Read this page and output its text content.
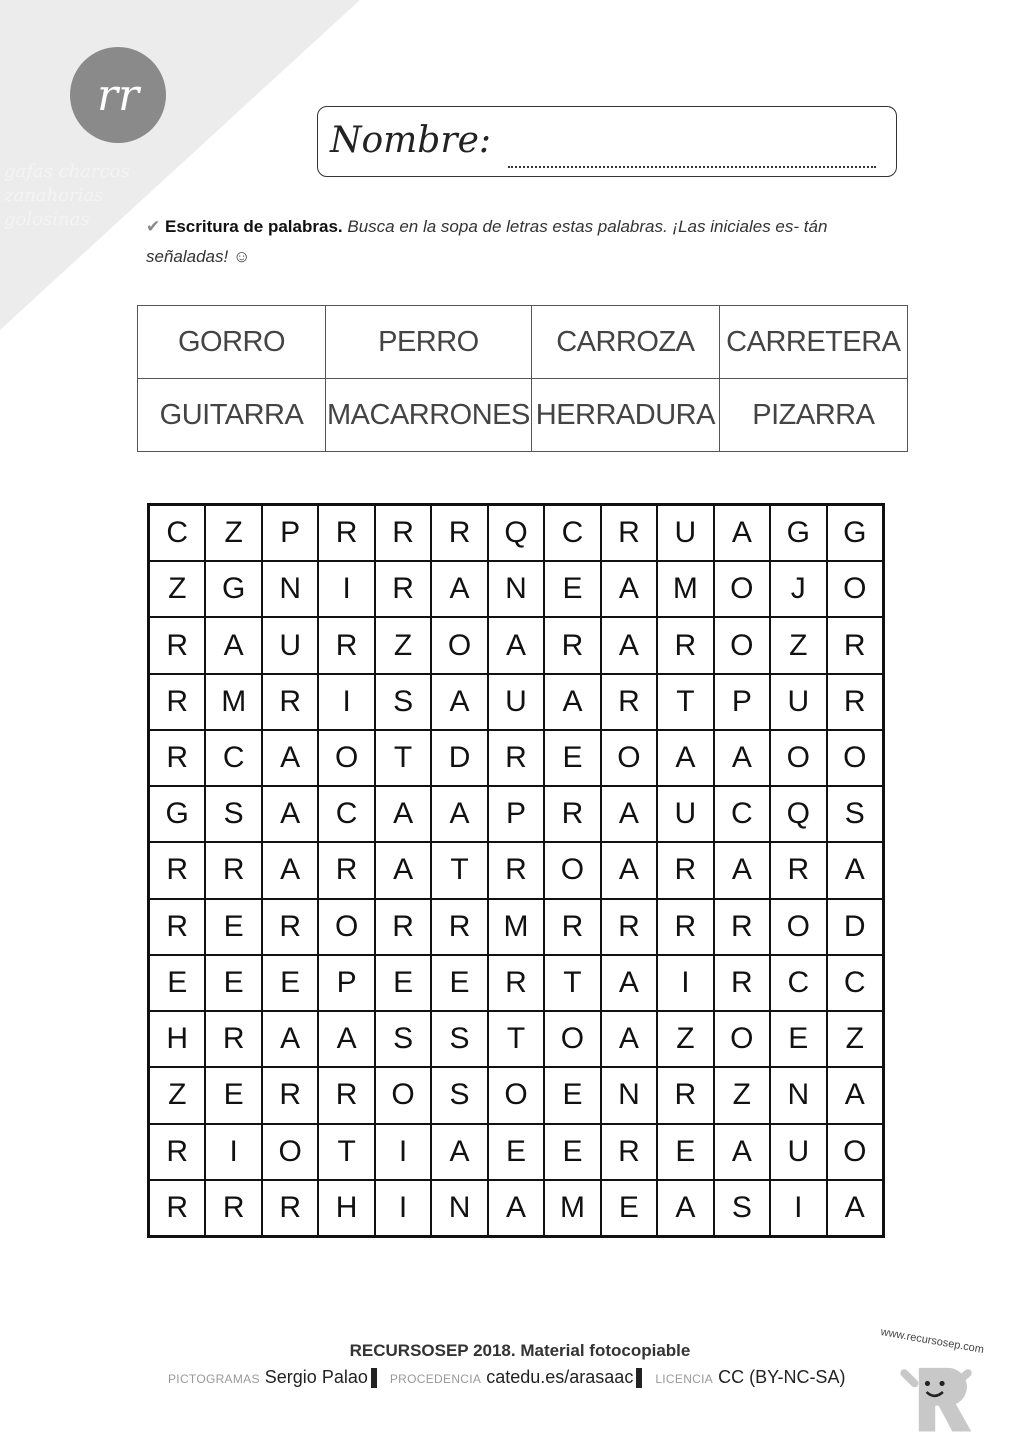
gafas charcos zanahorias golosinas
rr
Nombre:
✔ Escritura de palabras. Busca en la sopa de letras estas palabras. ¡Las iniciales es- tán señaladas! ☺
GORRO	PERRO	CARROZA	CARRETERA
GUITARRA	MACARRONES	HERRADURA	PIZARRA
C	Z	P	R	R	R	Q	C	R	U	A	G	G
Z	G	N	I	R	A	N	E	A	M	O	J	O
R	A	U	R	Z	O	A	R	A	R	O	Z	R
R	M	R	I	S	A	U	A	R	T	P	U	R
R	C	A	O	T	D	R	E	O	A	A	O	O
G	S	A	C	A	A	P	R	A	U	C	Q	S
R	R	A	R	A	T	R	O	A	R	A	R	A
R	E	R	O	R	R	M	R	R	R	R	O	D
E	E	E	P	E	E	R	T	A	I	R	C	C
H	R	A	A	S	S	T	O	A	Z	O	E	Z
Z	E	R	R	O	S	O	E	N	R	Z	N	A
R	I	O	T	I	A	E	E	R	E	A	U	O
R	R	R	H	I	N	A	M	E	A	S	I	A
RECURSOSEP 2018. Material fotocopiable
PICTOGRAMAS Sergio Palao PROCEDENCIA catedu.es/arasaac LICENCIA CC (BY-NC-SA)
www.recursosep.com
